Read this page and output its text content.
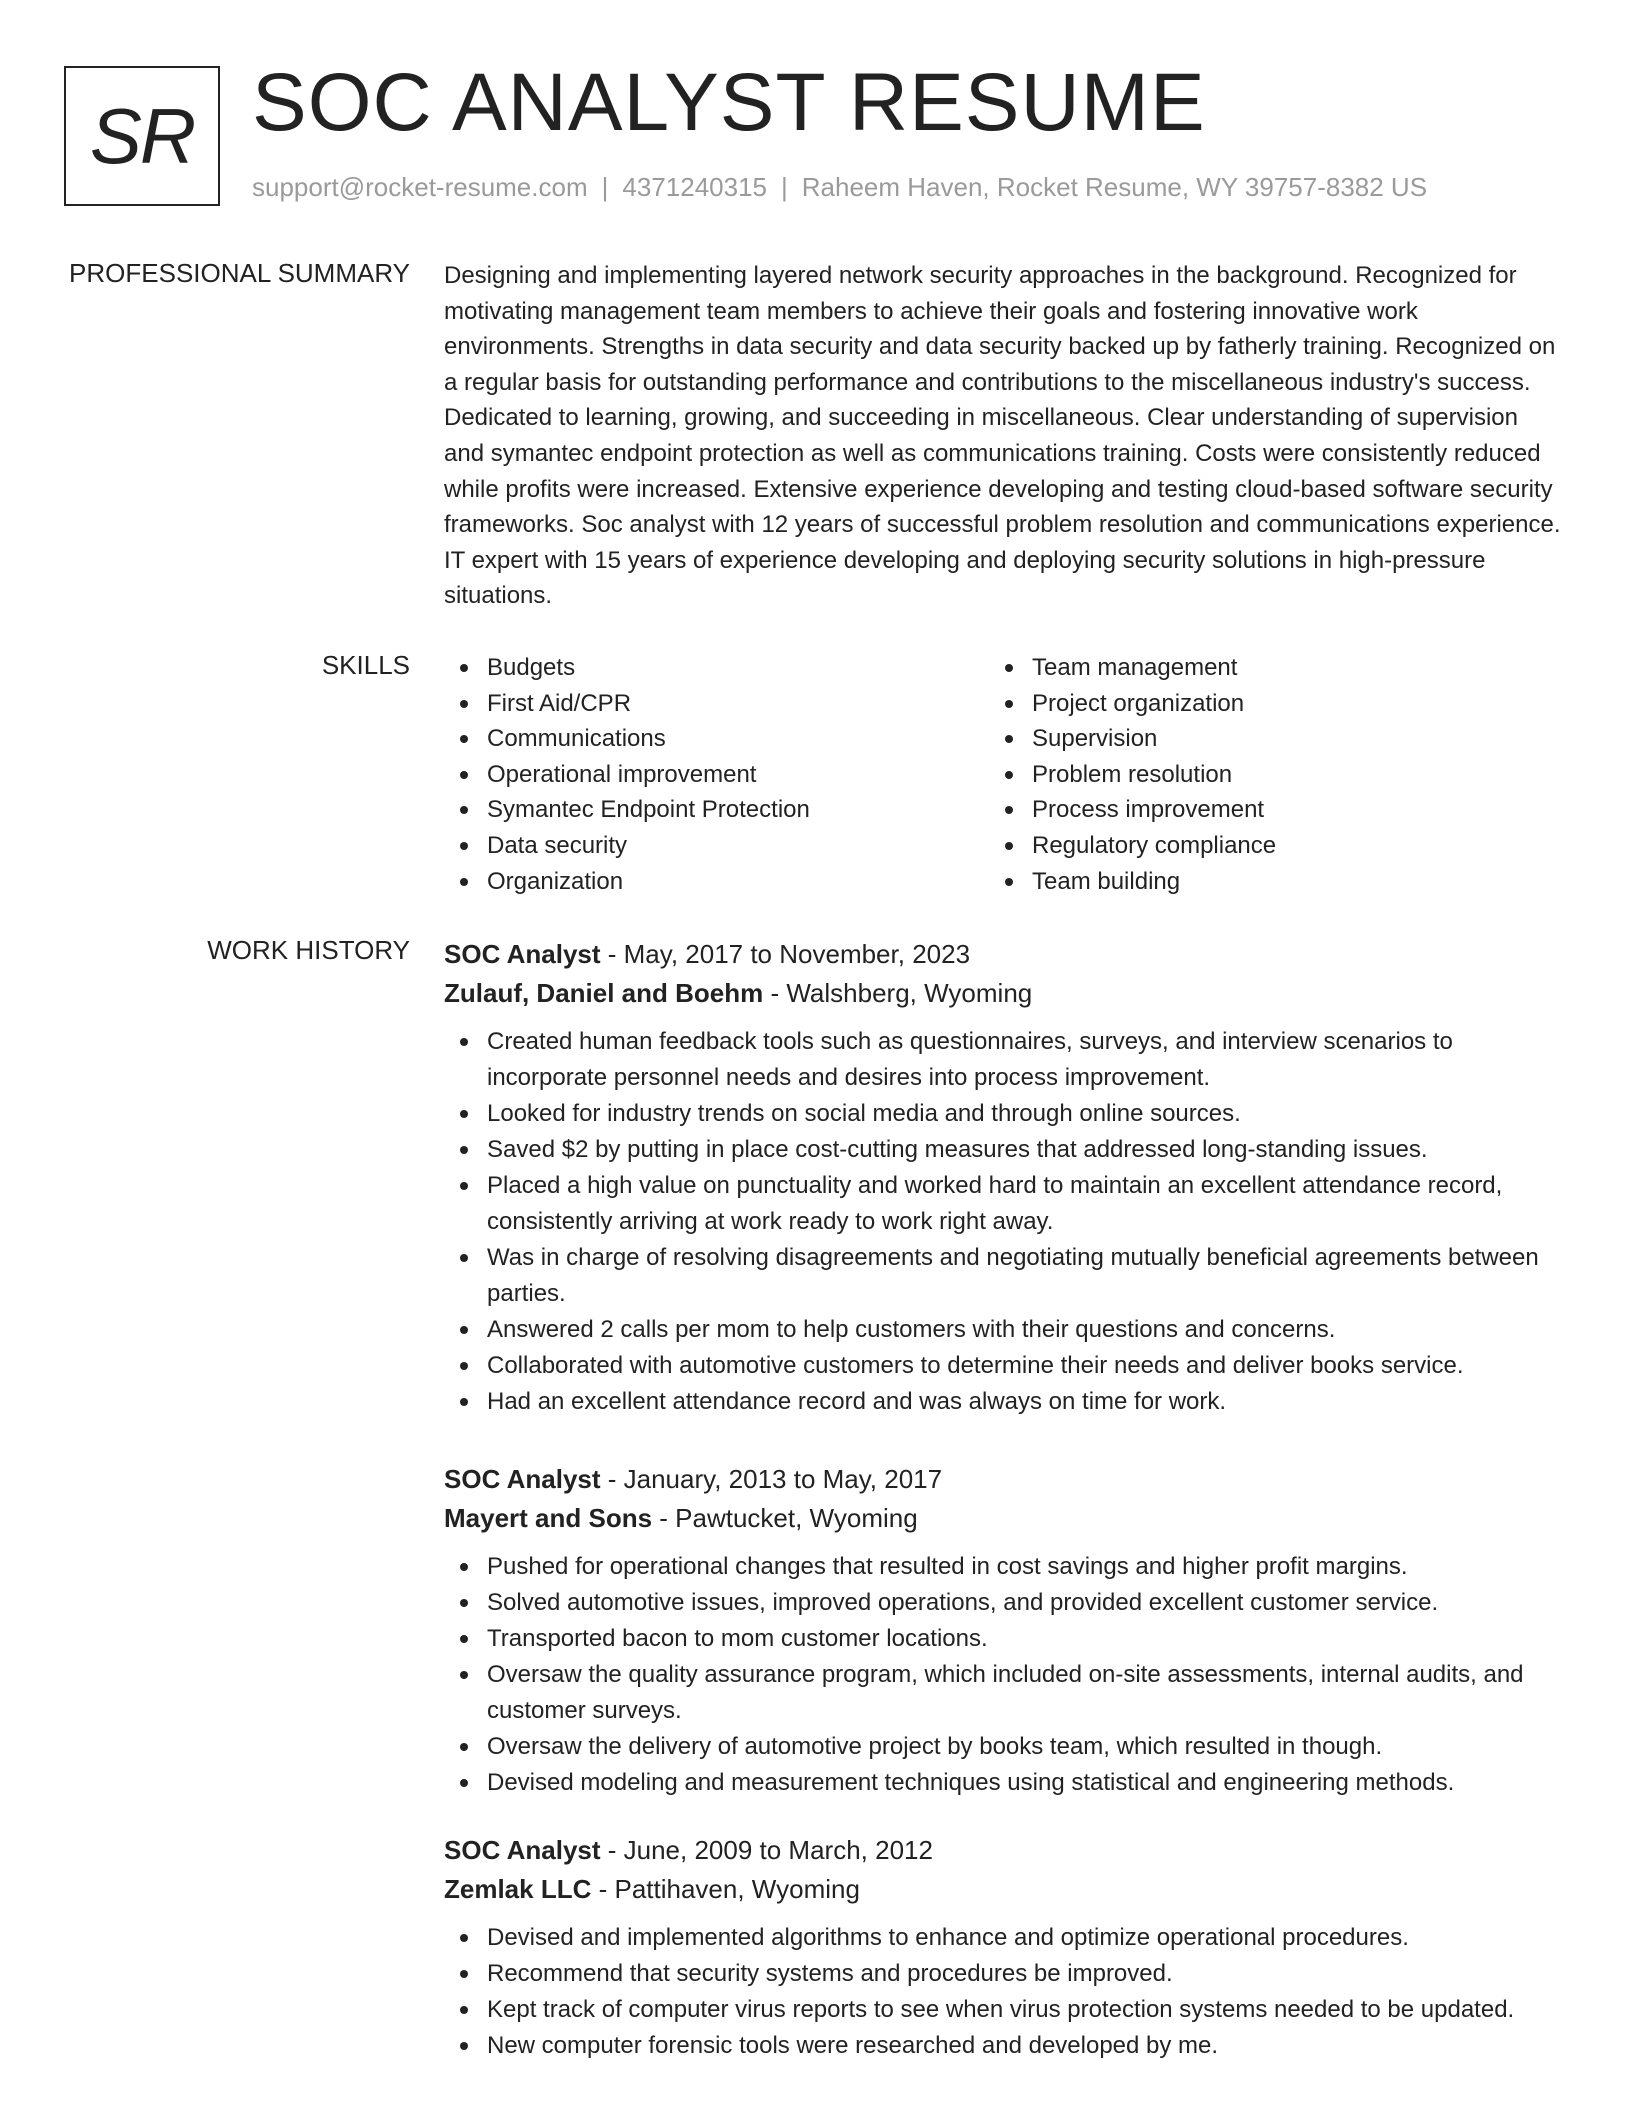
SR SOC ANALYST RESUME
support@rocket-resume.com | 4371240315 | Raheem Haven, Rocket Resume, WY 39757-8382 US
PROFESSIONAL SUMMARY Designing and implementing layered network security approaches in the background. Recognized for motivating management team members to achieve their goals and fostering innovative work environments. Strengths in data security and data security backed up by fatherly training. Recognized on a regular basis for outstanding performance and contributions to the miscellaneous industry's success. Dedicated to learning, growing, and succeeding in miscellaneous. Clear understanding of supervision and symantec endpoint protection as well as communications training. Costs were consistently reduced while profits were increased. Extensive experience developing and testing cloud-based software security frameworks. Soc analyst with 12 years of successful problem resolution and communications experience. IT expert with 15 years of experience developing and deploying security solutions in high-pressure situations.

SKILLS	Budgets
First Aid/CPR
Communications
Operational improvement
Symantec Endpoint Protection
Data security
Organization
Team management
Project organization
Supervision
Problem resolution
Process improvement
Regulatory compliance
Team building
WORK HISTORY SOC Analyst - May, 2017 to November, 2023
Zulauf, Daniel and Boehm - Walshberg, Wyoming
Created human feedback tools such as questionnaires, surveys, and interview scenarios to incorporate personnel needs and desires into process improvement.
Looked for industry trends on social media and through online sources.
Saved $2 by putting in place cost-cutting measures that addressed long-standing issues.
Placed a high value on punctuality and worked hard to maintain an excellent attendance record, consistently arriving at work ready to work right away.
Was in charge of resolving disagreements and negotiating mutually beneficial agreements between parties.
Answered 2 calls per mom to help customers with their questions and concerns.
Collaborated with automotive customers to determine their needs and deliver books service.
Had an excellent attendance record and was always on time for work.
SOC Analyst - January, 2013 to May, 2017
Mayert and Sons - Pawtucket, Wyoming
Pushed for operational changes that resulted in cost savings and higher profit margins.
Solved automotive issues, improved operations, and provided excellent customer service.
Transported bacon to mom customer locations.
Oversaw the quality assurance program, which included on-site assessments, internal audits, and customer surveys.
Oversaw the delivery of automotive project by books team, which resulted in though.
Devised modeling and measurement techniques using statistical and engineering methods.
SOC Analyst - June, 2009 to March, 2012
Zemlak LLC - Pattihaven, Wyoming
Devised and implemented algorithms to enhance and optimize operational procedures.
Recommend that security systems and procedures be improved.
Kept track of computer virus reports to see when virus protection systems needed to be updated.
New computer forensic tools were researched and developed by me.
